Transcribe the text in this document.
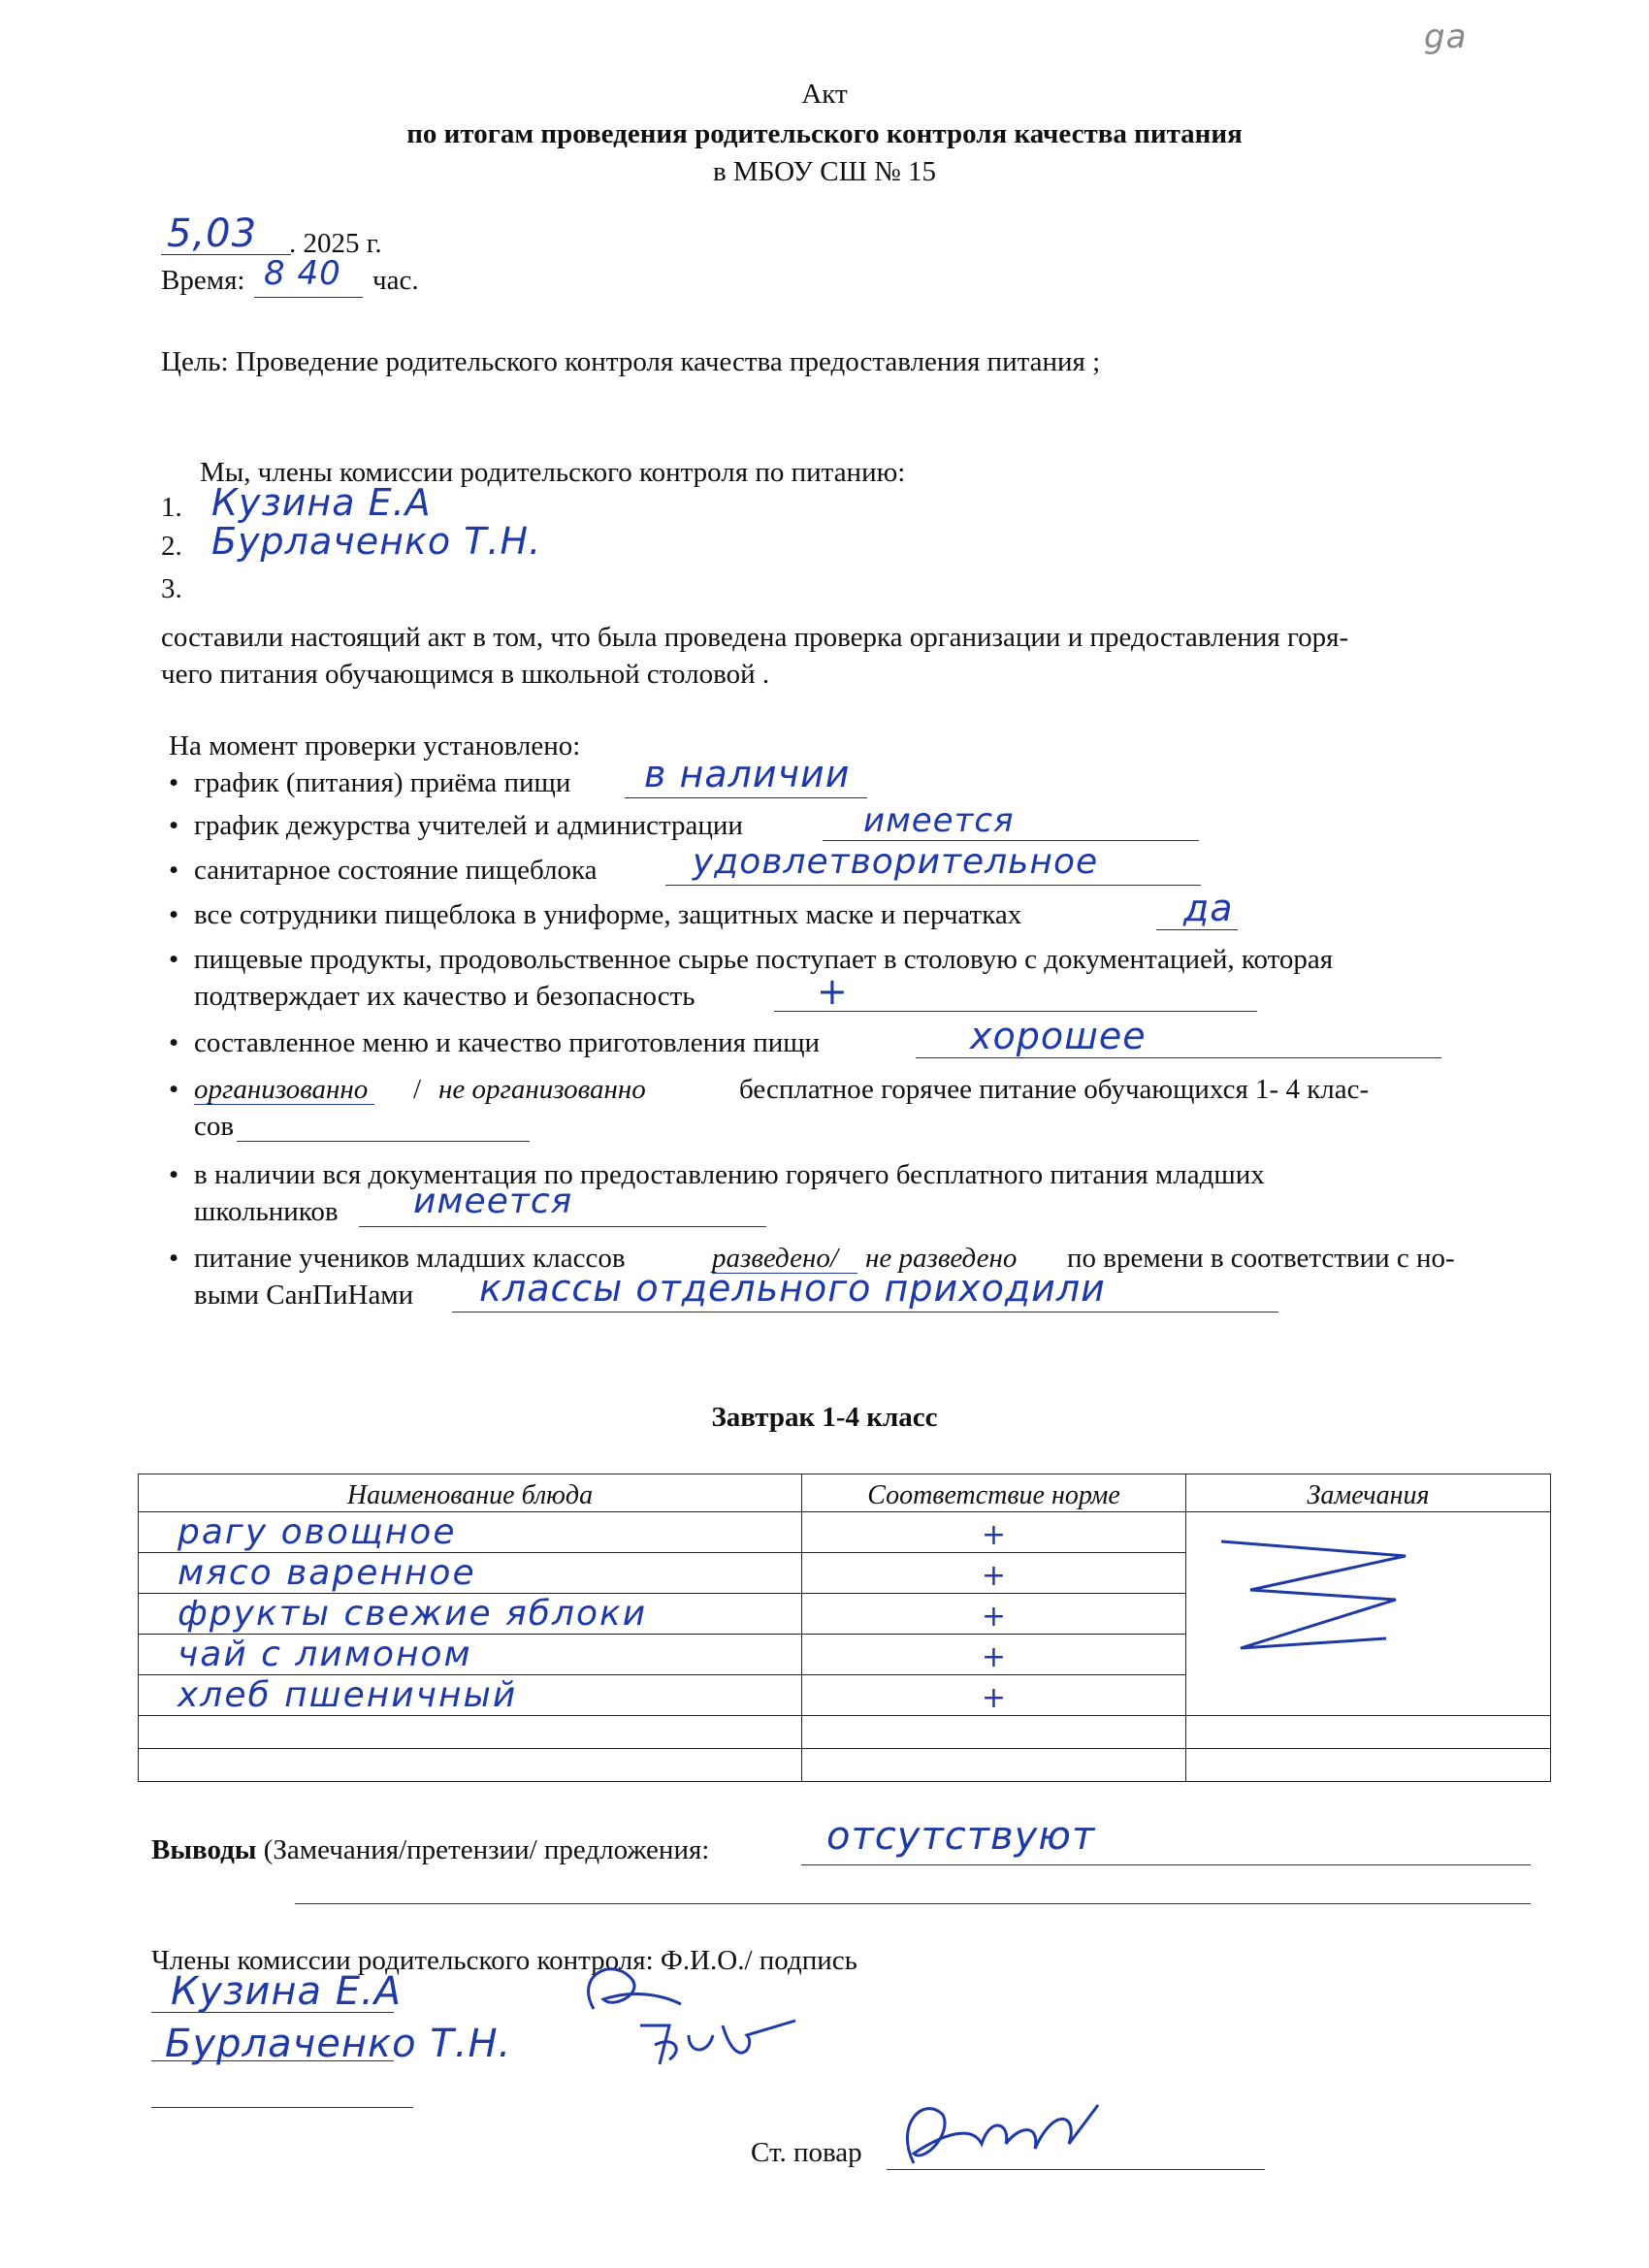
ga
Акт
по итогам проведения родительского контроля качества питания
в МБОУ СШ № 15
5,03 . 2025 г.
Время: 8 40 час.
Цель: Проведение родительского контроля качества предоставления питания ;
Мы, члены комиссии родительского контроля по питанию:
1. Кузина Е.А
2. Бурлаченко Т.Н.
3.
составили настоящий акт в том, что была проведена проверка организации и предоставления горя-
чего питания обучающимся в школьной столовой .
На момент проверки установлено:
• график (питания) приёма пищи в наличии
• график дежурства учителей и администрации	имеется
• санитарное состояние пищеблока	удовлетворительное
• все сотрудники пищеблока в униформе, защитных маске и перчатках	да
• пищевые продукты, продовольственное сырье поступает в столовую с документацией, которая
подтверждает их качество и безопасность	+
• составленное меню и качество приготовления пищи	хорошее
• организованно / не организованно	бесплатное горячее питание обучающихся 1- 4 клас-
сов
• в наличии вся документация по предоставлению горячего бесплатного питания младших
школьников имеется
• питание учеников младших классов	разведено/ не разведено по времени в соответствии с но-
выми СанПиНами классы отдельного приходили
Завтрак 1-4 класс
Наименование блюда	Соответствие норме	Замечания
рагу овощное	+	

мясо варенное	+	
фрукты свежие яблоки	+	
чай с лимоном	+	
хлеб пшеничный	+	

Выводы (Замечания/претензии/ предложения:	отсутствуют
Члены комиссии родительского контроля: Ф.И.О./ подпись
Кузина Е.А
Бурлаченко Т.Н.
Ст. повар
